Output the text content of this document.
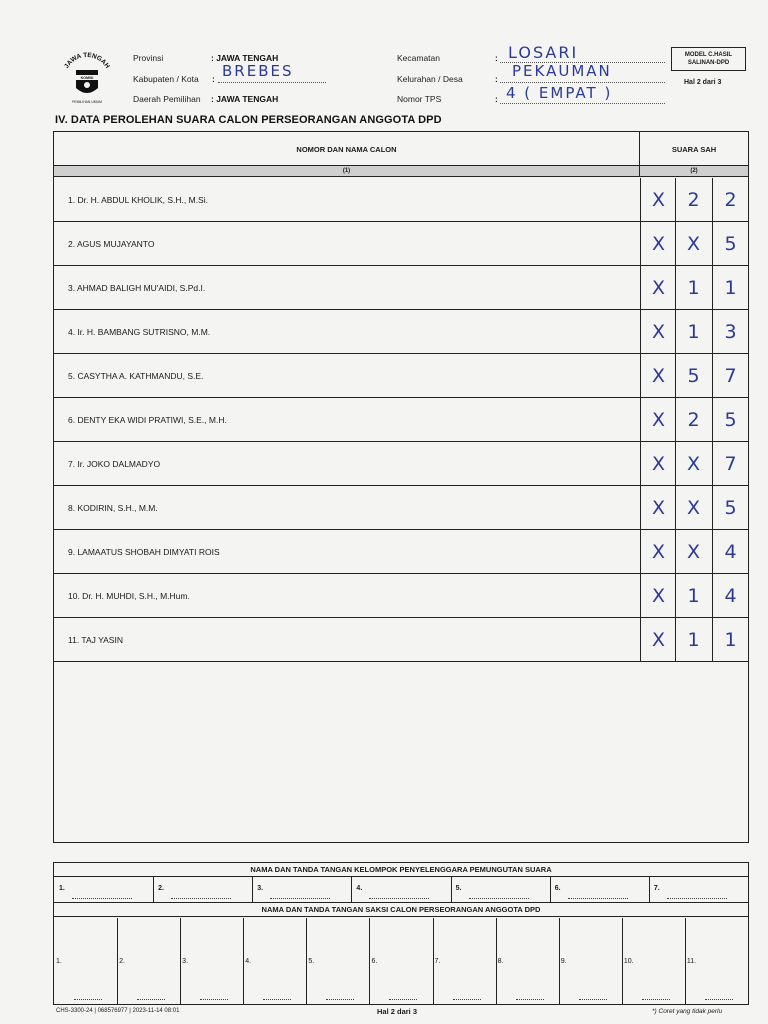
JAWA TENGAH
KOMISI
PEMILIHAN UMUM
Provinsi	: JAWA TENGAH
Kabupaten / Kota : BREBES
Daerah Pemilihan : JAWA TENGAH
Kecamatan	: LOSARI
Kelurahan / Desa	: PEKAUMAN
Nomor TPS	: 4 ( EMPAT )
MODEL C.HASIL
SALINAN-DPD
Hal 2 dari 3
IV. DATA PEROLEHAN SUARA CALON PERSEORANGAN ANGGOTA DPD
NOMOR DAN NAMA CALON	SUARA SAH
(1)	(2)
1. Dr. H. ABDUL KHOLIK, S.H., M.Si.	X	2	2
2. AGUS MUJAYANTO	X	X	5
3. AHMAD BALIGH MU'AIDI, S.Pd.I.	X	1	1
4. Ir. H. BAMBANG SUTRISNO, M.M.	X	1	3
5. CASYTHA A. KATHMANDU, S.E.	X	5	7
6. DENTY EKA WIDI PRATIWI, S.E., M.H.	X	2	5
7. Ir. JOKO DALMADYO	X	X	7
8. KODIRIN, S.H., M.M.	X	X	5
9. LAMAATUS SHOBAH DIMYATI ROIS	X	X	4
10. Dr. H. MUHDI, S.H., M.Hum.	X	1	4
11. TAJ YASIN	X	1	1
NAMA DAN TANDA TANGAN KELOMPOK PENYELENGGARA PEMUNGUTAN SUARA
1.	2.	3.	4.	5.	6.	7.
NAMA DAN TANDA TANGAN SAKSI CALON PERSEORANGAN ANGGOTA DPD
1.	2.	3.	4.	5.	6.	7.	8.	9.	10.	11.
CHS-3300-24 | 068576977 | 2023-11-14 08:01	Hal 2 dari 3	*) Coret yang tidak perlu
